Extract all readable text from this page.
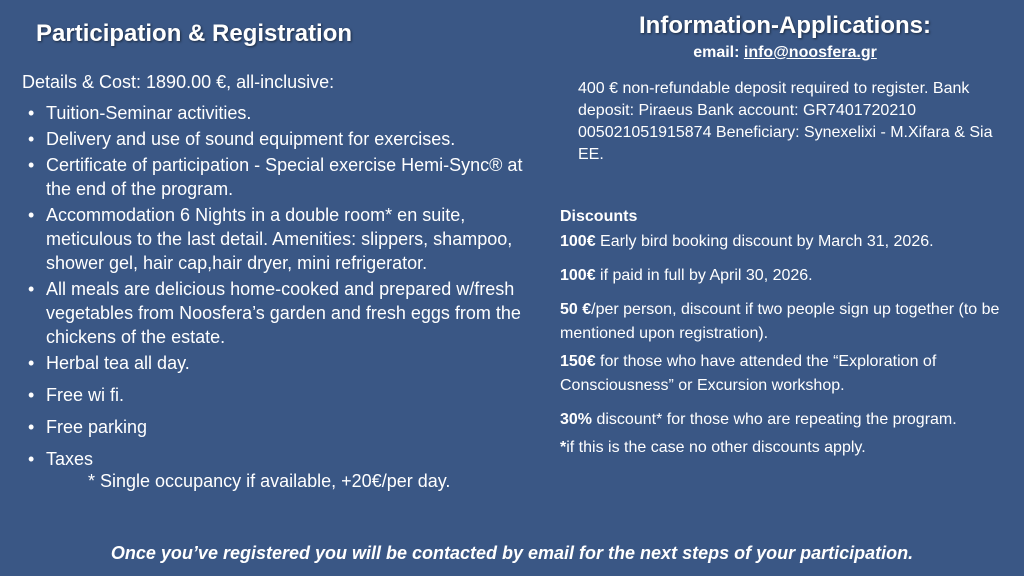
Participation & Registration
Details & Cost: 1890.00 €, all-inclusive:
• Tuition-Seminar activities.
• Delivery and use of sound equipment for exercises.
• Certificate of participation - Special exercise Hemi-Sync® at the end of the program.
• Accommodation 6 Nights in a double room* en suite, meticulous to the last detail. Amenities: slippers, shampoo, shower gel, hair cap,hair dryer, mini refrigerator.
• All meals are delicious home-cooked and prepared w/fresh vegetables from Noosfera’s garden and fresh eggs from the chickens of the estate.
• Herbal tea all day.
• Free wi fi.
• Free parking
• Taxes
* Single occupancy if available, +20€/per day.
Information-Applications:
email: info@noosfera.gr
400 € non-refundable deposit required to register. Bank deposit: Piraeus Bank account: GR7401720210 005021051915874 Beneficiary: Synexelixi - M.Xifara & Sia EE.
Discounts
100€ Early bird booking discount by March 31, 2026.
100€ if paid in full by April 30, 2026.
50 €/per person, discount if two people sign up together (to be mentioned upon registration).
150€ for those who have attended the “Exploration of Consciousness” or Excursion workshop.
30% discount* for those who are repeating the program.
*if this is the case no other discounts apply.
Once you’ve registered you will be contacted by email for the next steps of your participation.
